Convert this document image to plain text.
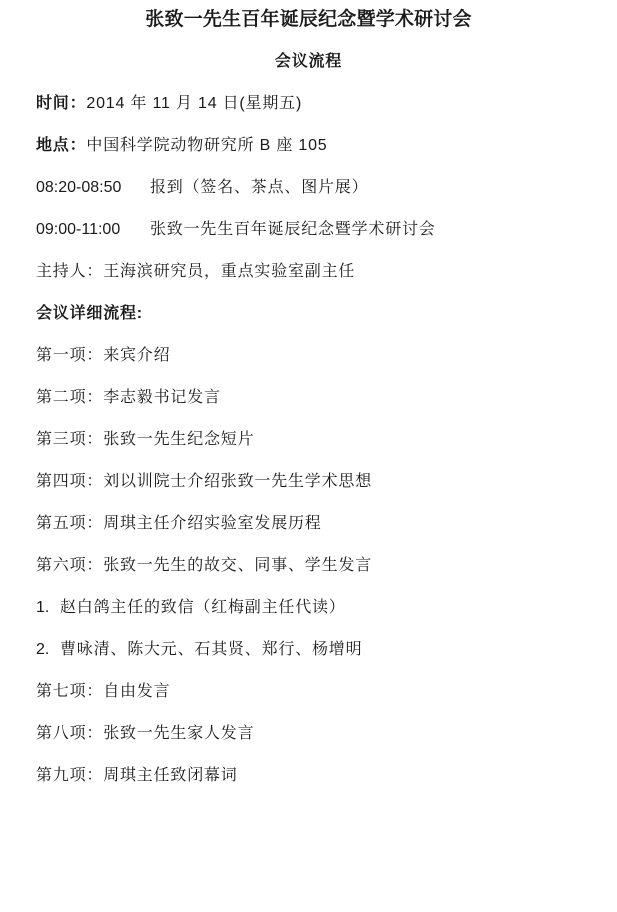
张致一先生百年诞辰纪念暨学术研讨会

会议流程

时间：2014 年 11 月 14 日(星期五)

地点：中国科学院动物研究所 B 座 105

08:20-08:50	报到（签名、茶点、图片展）

09:00-11:00	张致一先生百年诞辰纪念暨学术研讨会

主持人：王海滨研究员，重点实验室副主任

会议详细流程:

第一项：来宾介绍

第二项：李志毅书记发言

第三项：张致一先生纪念短片

第四项：刘以训院士介绍张致一先生学术思想

第五项：周琪主任介绍实验室发展历程

第六项：张致一先生的故交、同事、学生发言

1. 赵白鸽主任的致信（红梅副主任代读）

2. 曹咏清、陈大元、石其贤、郑行、杨增明

第七项：自由发言

第八项：张致一先生家人发言

第九项：周琪主任致闭幕词
